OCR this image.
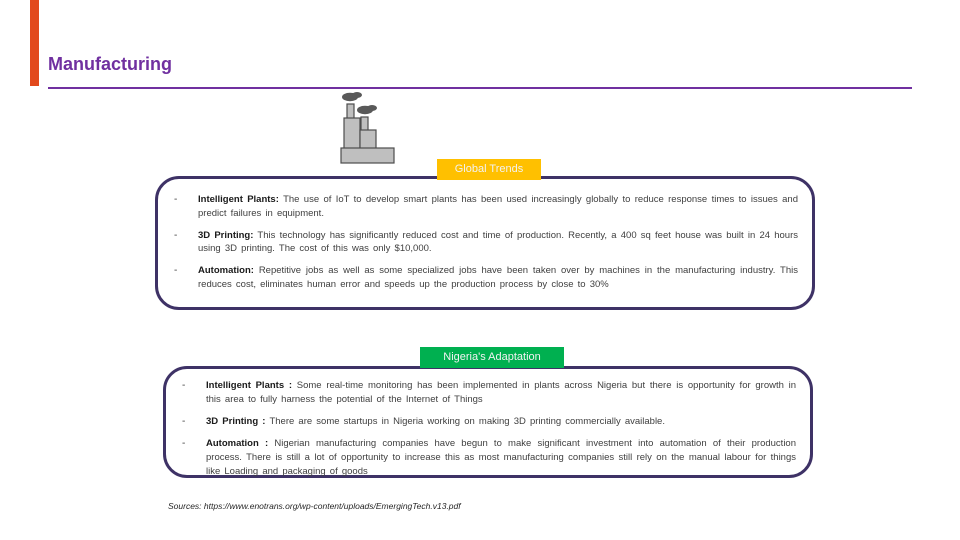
Manufacturing
Global Trends
-	Intelligent Plants: The use of IoT to develop smart plants has been used increasingly globally to reduce response times to issues and predict failures in equipment.

-	3D Printing: This technology has significantly reduced cost and time of production. Recently, a 400 sq feet house was built in 24 hours using 3D printing. The cost of this was only $10,000.

-	Automation: Repetitive jobs as well as some specialized jobs have been taken over by machines in the manufacturing industry. This reduces cost, eliminates human error and speeds up the production process by close to 30%

Nigeria's Adaptation
-	Intelligent Plants : Some real-time monitoring has been implemented in plants across Nigeria but there is opportunity for growth in this area to fully harness the potential of the Internet of Things

-	3D Printing : There are some startups in Nigeria working on making 3D printing commercially available.

-	Automation : Nigerian manufacturing companies have begun to make significant investment into automation of their production process. There is still a lot of opportunity to increase this as most manufacturing companies still rely on the manual labour for things like Loading and packaging of goods

Sources: https://www.enotrans.org/wp-content/uploads/EmergingTech.v13.pdf
